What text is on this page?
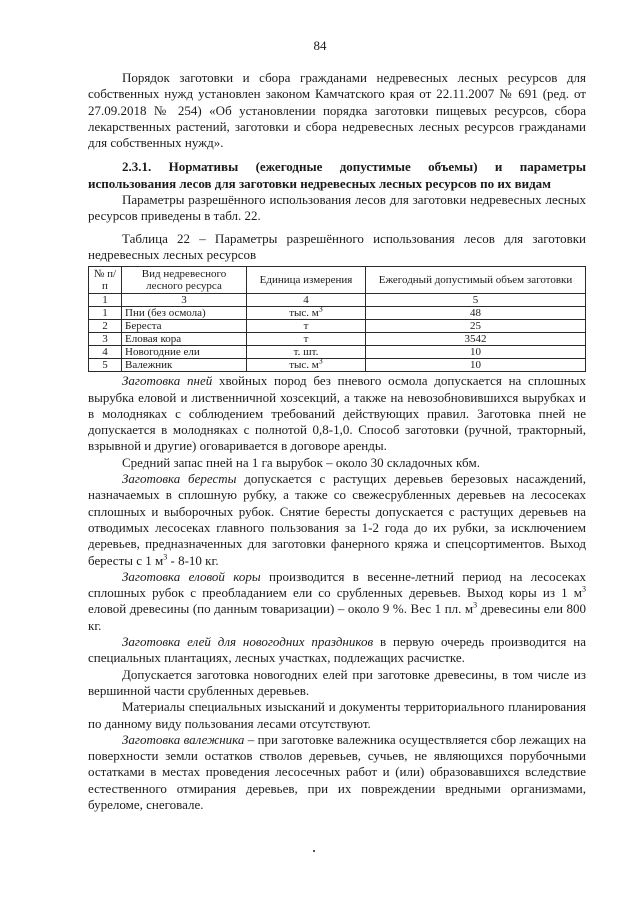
84

Порядок заготовки и сбора гражданами недревесных лесных ресурсов для собственных нужд установлен законом Камчатского края от 22.11.2007 № 691 (ред. от 27.09.2018 № 254) «Об установлении порядка заготовки пищевых ресурсов, сбора лекарственных растений, заготовки и сбора недревесных лесных ресурсов гражданами для собственных нужд».

2.3.1. Нормативы (ежегодные допустимые объемы) и параметры использования лесов для заготовки недревесных лесных ресурсов по их видам

Параметры разрешённого использования лесов для заготовки недревесных лесных ресурсов приведены в табл. 22.

Таблица 22 – Параметры разрешённого использования лесов для заготовки недревесных лесных ресурсов

№ п/п	Вид недревесного лесного ресурса	Единица измерения	Ежегодный допустимый объем заготовки
1	3	4	5
1	Пни (без осмола)	тыс. $м^3$	48
2	Береста	т	25
3	Еловая кора	т	3542
4	Новогодние ели	т. шт.	10
5	Валежник	тыс. $м^3$	10

Заготовка пней хвойных пород без пневого осмола допускается на сплошных вырубка еловой и лиственничной хозсекций, а также на невозобновившихся вырубках и в молодняках с соблюдением требований действующих правил. Заготовка пней не допускается в молодняках с полнотой 0,8-1,0. Способ заготовки (ручной, тракторный, взрывной и другие) оговаривается в договоре аренды.

Средний запас пней на 1 га вырубок – около 30 складочных кбм.

Заготовка бересты допускается с растущих деревьев березовых насаждений, назначаемых в сплошную рубку, а также со свежесрубленных деревьев на лесосеках сплошных и выборочных рубок. Снятие бересты допускается с растущих деревьев на отводимых лесосеках главного пользования за 1-2 года до их рубки, за исключением деревьев, предназначенных для заготовки фанерного кряжа и спецсортиментов. Выход бересты с 1 $м^3 - 8-10$ кг.

Заготовка еловой коры производится в весенне-летний период на лесосеках сплошных рубок с преобладанием ели со срубленных деревьев. Выход коры из 1 $м^3$ еловой древесины (по данным товаризации) – около 9 %. Вес 1 пл. $м^3$ древесины ели 800 кг.

Заготовка елей для новогодних праздников в первую очередь производится на специальных плантациях, лесных участках, подлежащих расчистке.

Допускается заготовка новогодних елей при заготовке древесины, в том числе из вершинной части срубленных деревьев.

Материалы специальных изысканий и документы территориального планирования по данному виду пользования лесами отсутствуют.

Заготовка валежника – при заготовке валежника осуществляется сбор лежащих на поверхности земли остатков стволов деревьев, сучьев, не являющихся порубочными остатками в местах проведения лесосечных работ и (или) образовавшихся вследствие естественного отмирания деревьев, при их повреждении вредными организмами, буреломе, снеговале.
